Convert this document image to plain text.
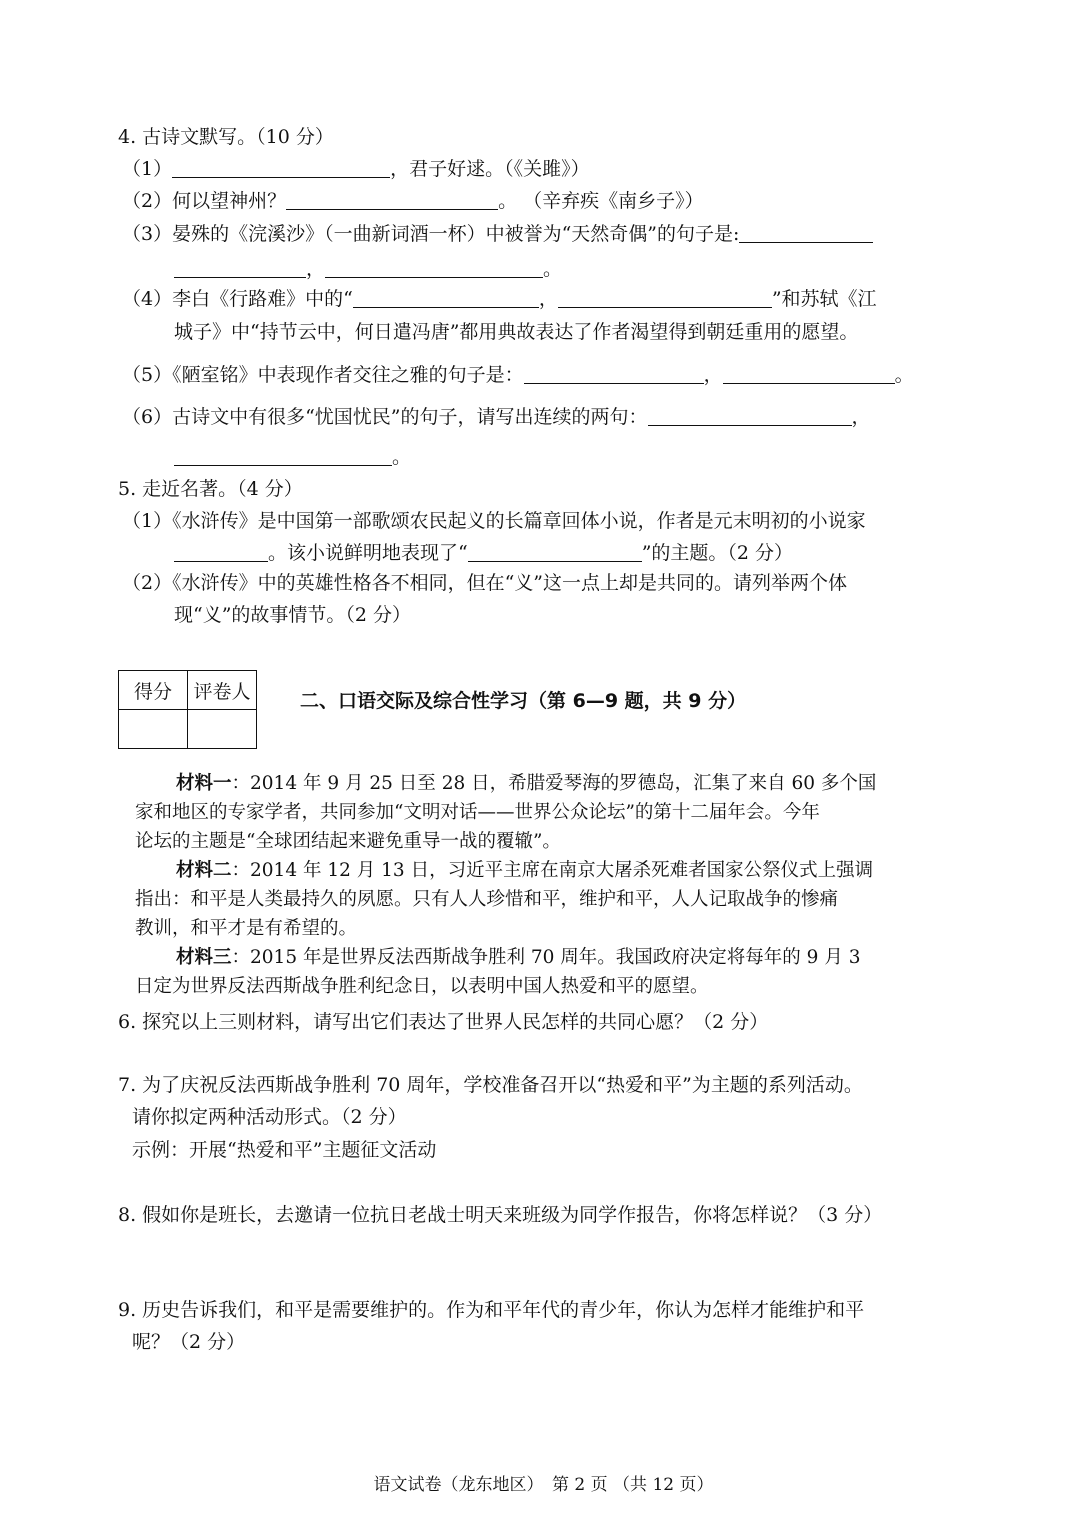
4. 古诗文默写。（10 分）
（1）	，君子好逑。（《关雎》）
（2）何以望神州？	。 （辛弃疾《南乡子》）
（3）晏殊的《浣溪沙》（一曲新词酒一杯）中被誉为“天然奇偶”的句子是:
，	。
（4）李白《行路难》中的“	，	”和苏轼《江
城子》中“持节云中，何日遣冯唐”都用典故表达了作者渴望得到朝廷重用的愿望。
（5）《陋室铭》中表现作者交往之雅的句子是：	，	。
（6）古诗文中有很多“忧国忧民”的句子，请写出连续的两句：	，
。
5. 走近名著。（4 分）
（1）《水浒传》是中国第一部歌颂农民起义的长篇章回体小说，作者是元末明初的小说家
。该小说鲜明地表现了“	”的主题。（2 分）
（2）《水浒传》中的英雄性格各不相同，但在“义”这一点上却是共同的。请列举两个体
现“义”的故事情节。（2 分）
得分	评卷人
		二、口语交际及综合性学习（第 6—9 题，共 9 分）
材料一：2014 年 9 月 25 日至 28 日，希腊爱琴海的罗德岛，汇集了来自 60 多个国
家和地区的专家学者，共同参加“文明对话——世界公众论坛”的第十二届年会。今年
论坛的主题是“全球团结起来避免重导一战的覆辙”。
材料二：2014 年 12 月 13 日，习近平主席在南京大屠杀死难者国家公祭仪式上强调
指出：和平是人类最持久的夙愿。只有人人珍惜和平，维护和平，人人记取战争的惨痛
教训，和平才是有希望的。
材料三：2015 年是世界反法西斯战争胜利 70 周年。我国政府决定将每年的 9 月 3
日定为世界反法西斯战争胜利纪念日，以表明中国人热爱和平的愿望。
6. 探究以上三则材料，请写出它们表达了世界人民怎样的共同心愿？（2 分）
7. 为了庆祝反法西斯战争胜利 70 周年，学校准备召开以“热爱和平”为主题的系列活动。
请你拟定两种活动形式。（2 分）
示例：开展“热爱和平”主题征文活动
8. 假如你是班长，去邀请一位抗日老战士明天来班级为同学作报告，你将怎样说？（3 分）
9. 历史告诉我们，和平是需要维护的。作为和平年代的青少年，你认为怎样才能维护和平
呢？（2 分）
语文试卷（龙东地区）　第 2 页 （共 12 页）
